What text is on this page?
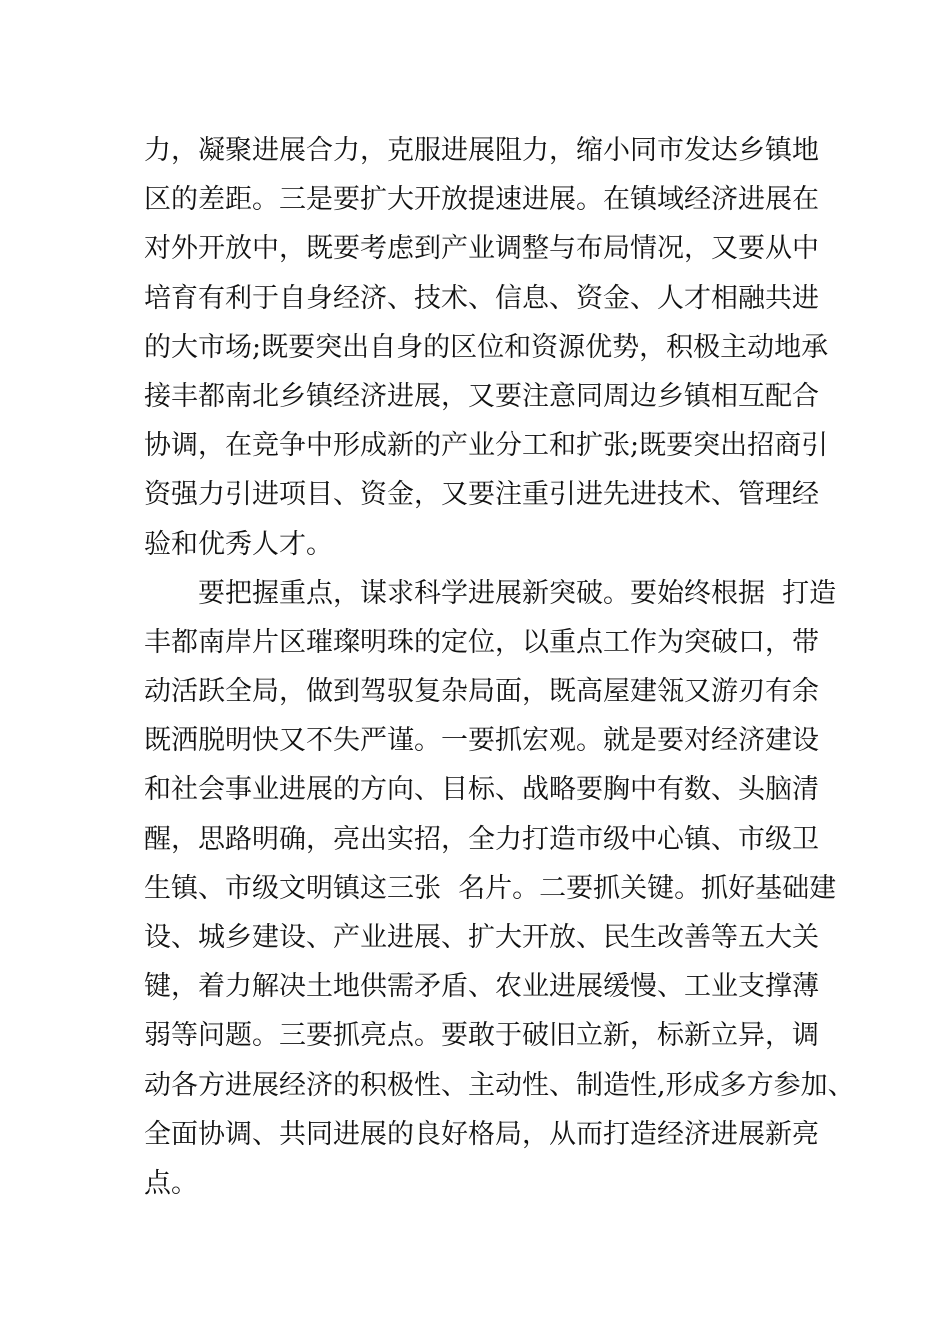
力，凝聚进展合力，克服进展阻力，缩小同市发达乡镇地
区的差距。三是要扩大开放提速进展。在镇域经济进展在
对外开放中，既要考虑到产业调整与布局情况，又要从中
培育有利于自身经济、技术、信息、资金、人才相融共进
的大市场;既要突出自身的区位和资源优势，积极主动地承
接丰都南北乡镇经济进展，又要注意同周边乡镇相互配合
协调，在竞争中形成新的产业分工和扩张;既要突出招商引
资强力引进项目、资金，又要注重引进先进技术、管理经
验和优秀人才。
要把握重点，谋求科学进展新突破。要始终根据  打造
丰都南岸片区璀璨明珠的定位，以重点工作为突破口，带
动活跃全局，做到驾驭复杂局面，既高屋建瓴又游刃有余
既洒脱明快又不失严谨。一要抓宏观。就是要对经济建设
和社会事业进展的方向、目标、战略要胸中有数、头脑清
醒，思路明确，亮出实招，全力打造市级中心镇、市级卫
生镇、市级文明镇这三张  名片。二要抓关键。抓好基础建
设、城乡建设、产业进展、扩大开放、民生改善等五大关
键，着力解决土地供需矛盾、农业进展缓慢、工业支撑薄
弱等问题。三要抓亮点。要敢于破旧立新，标新立异，调
动各方进展经济的积极性、主动性、制造性,形成多方参加、
全面协调、共同进展的良好格局，从而打造经济进展新亮
点。
